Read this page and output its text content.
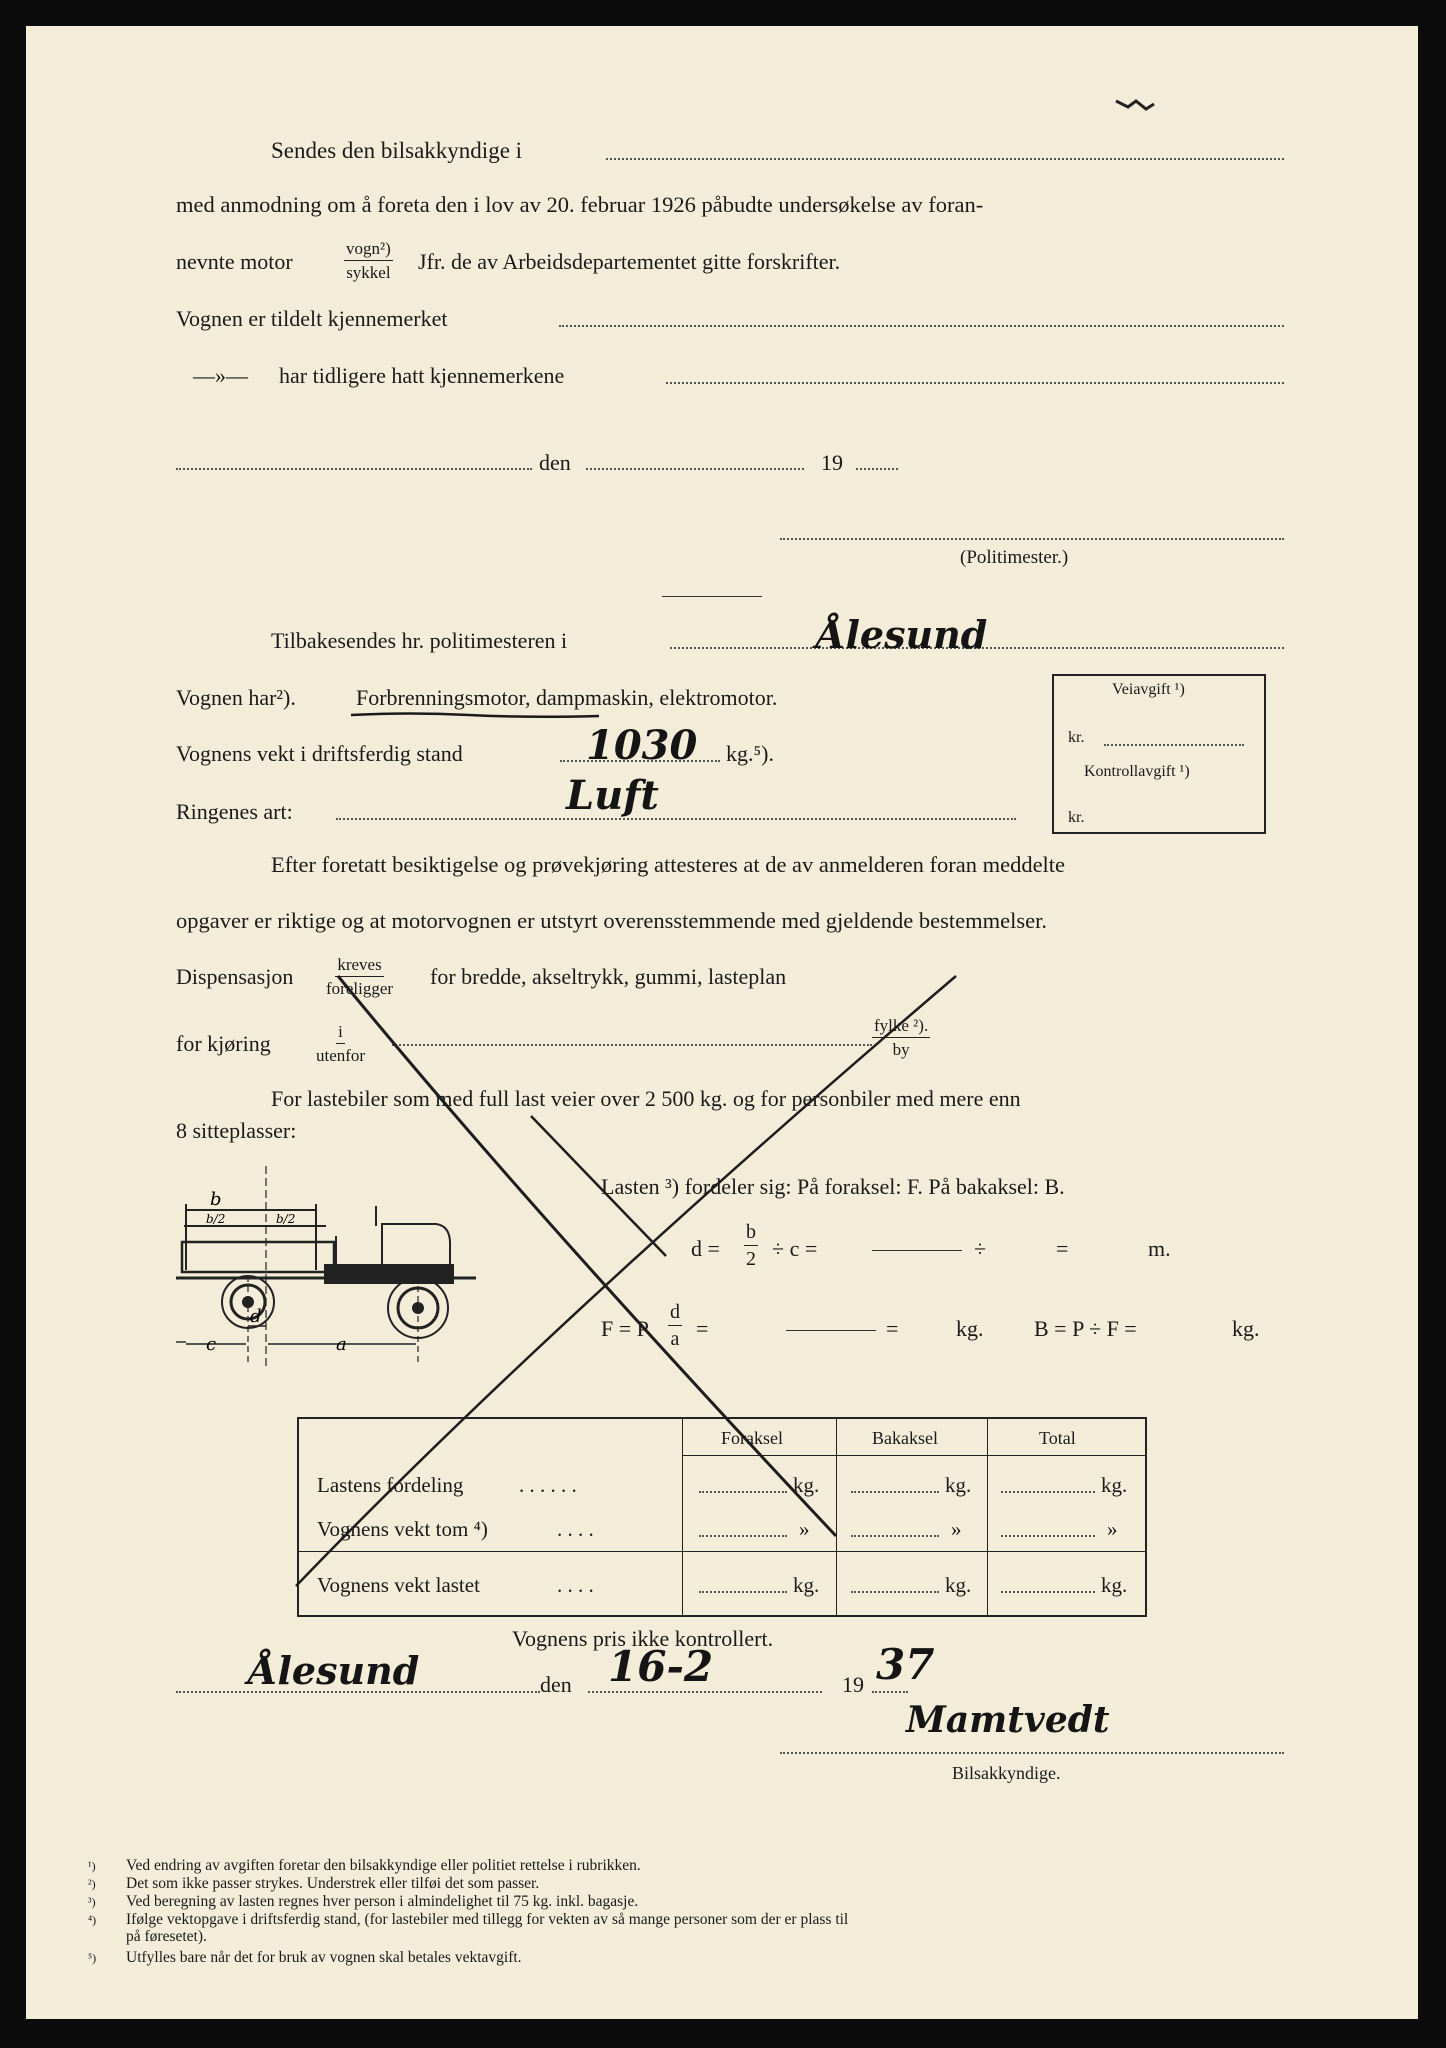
Sendes den bilsakkyndige i
med anmodning om å foreta den i lov av 20. februar 1926 påbudte undersøkelse av foran-
nevnte motor
vogn²)
sykkel Jfr. de av Arbeidsdepartementet gitte forskrifter.
Vognen er tildelt kjennemerket
—»— har tidligere hatt kjennemerkene
den	19
(Politimester.)
Tilbakesendes hr. politimesteren i	Ålesund
Vognen har²).	Forbrenningsmotor, dampmaskin, elektromotor.	Veiavgift ¹)
kr.
Kontrollavgift ¹)
kr.
Vognens vekt i driftsferdig stand	1030 kg.⁵).
Ringenes art:	Luft
Efter foretatt besiktigelse og prøvekjøring attesteres at de av anmelderen foran meddelte
opgaver er riktige og at motorvognen er utstyrt overensstemmende med gjeldende bestemmelser.
Dispensasjon	kreves
foreligger for bredde, akseltrykk, gummi, lasteplan
for kjøring	i
utenfor
fylke ²).
by
For lastebiler som med full last veier over 2 500 kg. og for personbiler med mere enn
8 sitteplasser:
b
b/2	b/2
c
d
a
Lasten ³) fordeler sig: På foraksel: F. På bakaksel: B.
$d = \frac{b}{2} \div c$ =	÷	=	m.
F = P $\frac{d}{a}$ =	=	kg. B = P ÷ F =	kg.
Foraksel	Bakaksel	Total
Lastens fordeling	. . . . . .	kg.	kg.	kg.
Vognens vekt tom ⁴)	. . . .	»	»	»
Vognens vekt lastet	. . . .	kg.	kg.	kg.
Vognens pris ikke kontrollert.
Ålesund	den 16-2	19 37
Mamtvedt
Bilsakkyndige.
¹) Ved endring av avgiften foretar den bilsakkyndige eller politiet rettelse i rubrikken.
²) Det som ikke passer strykes. Understrek eller tilføi det som passer.
³) Ved beregning av lasten regnes hver person i almindelighet til 75 kg. inkl. bagasje.
⁴) Ifølge vektopgave i driftsferdig stand, (for lastebiler med tillegg for vekten av så mange personer som der er plass til
på føresetet).
⁵) Utfylles bare når det for bruk av vognen skal betales vektavgift.
